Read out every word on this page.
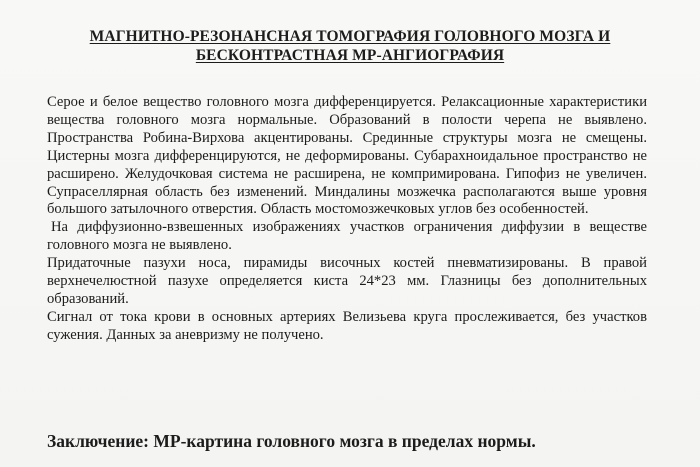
МАГНИТНО-РЕЗОНАНСНАЯ ТОМОГРАФИЯ ГОЛОВНОГО МОЗГА И
БЕСКОНТРАСТНАЯ МР-АНГИОГРАФИЯ

Серое и белое вещество головного мозга дифференцируется. Релаксационные характеристики вещества головного мозга нормальные. Образований в полости черепа не выявлено. Пространства Робина-Вирхова акцентированы. Срединные структуры мозга не смещены. Цистерны мозга дифференцируются, не деформированы. Субарахноидальное пространство не расширено. Желудочковая система не расширена, не компримирована. Гипофиз не увеличен. Супраселлярная область без изменений. Миндалины мозжечка располагаются выше уровня большого затылочного отверстия. Область мостомозжечковых углов без особенностей.

На диффузионно-взвешенных изображениях участков ограничения диффузии в веществе головного мозга не выявлено.

Придаточные пазухи носа, пирамиды височных костей пневматизированы. В правой верхнечелюстной пазухе определяется киста 24*23 мм. Глазницы без дополнительных образований.

Сигнал от тока крови в основных артериях Велизьева круга прослеживается, без участков сужения. Данных за аневризму не получено.

Заключение: МР-картина головного мозга в пределах нормы.
